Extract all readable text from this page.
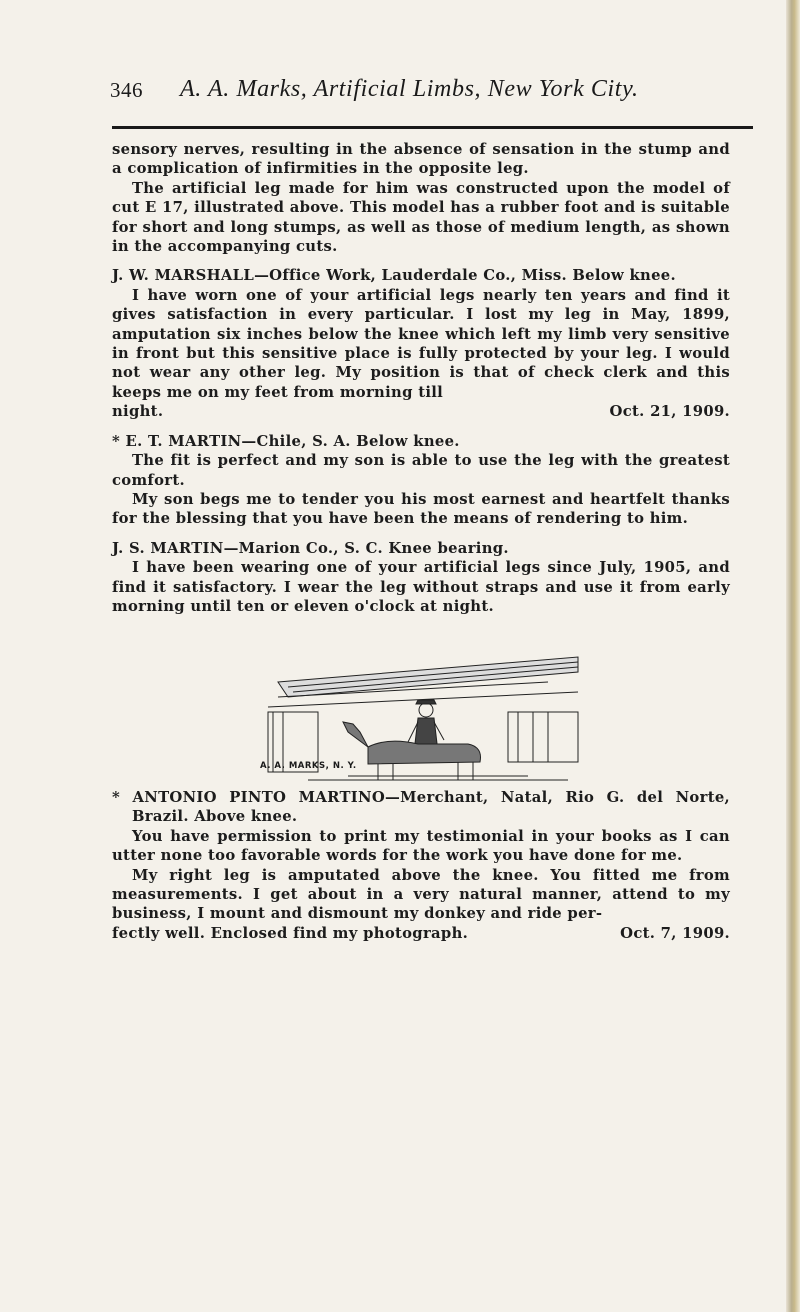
346 A. A. Marks, Artificial Limbs, New York City.

sensory nerves, resulting in the absence of sensation in the stump and a complication of infirmities in the opposite leg.

The artificial leg made for him was constructed upon the model of cut E 17, illustrated above. This model has a rubber foot and is suitable for short and long stumps, as well as those of medium length, as shown in the accompanying cuts.

J. W. MARSHALL—Office Work, Lauderdale Co., Miss. Below knee.

I have worn one of your artificial legs nearly ten years and find it gives satisfaction in every particular. I lost my leg in May, 1899, amputation six inches below the knee which left my limb very sensitive in front but this sensitive place is fully protected by your leg. I would not wear any other leg. My position is that of check clerk and this keeps me on my feet from morning till

night.	Oct. 21, 1909.

* E. T. MARTIN—Chile, S. A. Below knee.

The fit is perfect and my son is able to use the leg with the greatest comfort.

My son begs me to tender you his most earnest and heartfelt thanks for the blessing that you have been the means of rendering to him.

J. S. MARTIN—Marion Co., S. C. Knee bearing.

I have been wearing one of your artificial legs since July, 1905, and find it satisfactory. I wear the leg without straps and use it from early morning until ten or eleven o'clock at night.

A. A. MARKS, N. Y.

* ANTONIO PINTO MARTINO—Merchant, Natal, Rio G. del Norte, Brazil. Above knee.

You have permission to print my testimonial in your books as I can utter none too favorable words for the work you have done for me.

My right leg is amputated above the knee. You fitted me from measurements. I get about in a very natural manner, attend to my business, I mount and dismount my donkey and ride per-

fectly well. Enclosed find my photograph.	Oct. 7, 1909.
